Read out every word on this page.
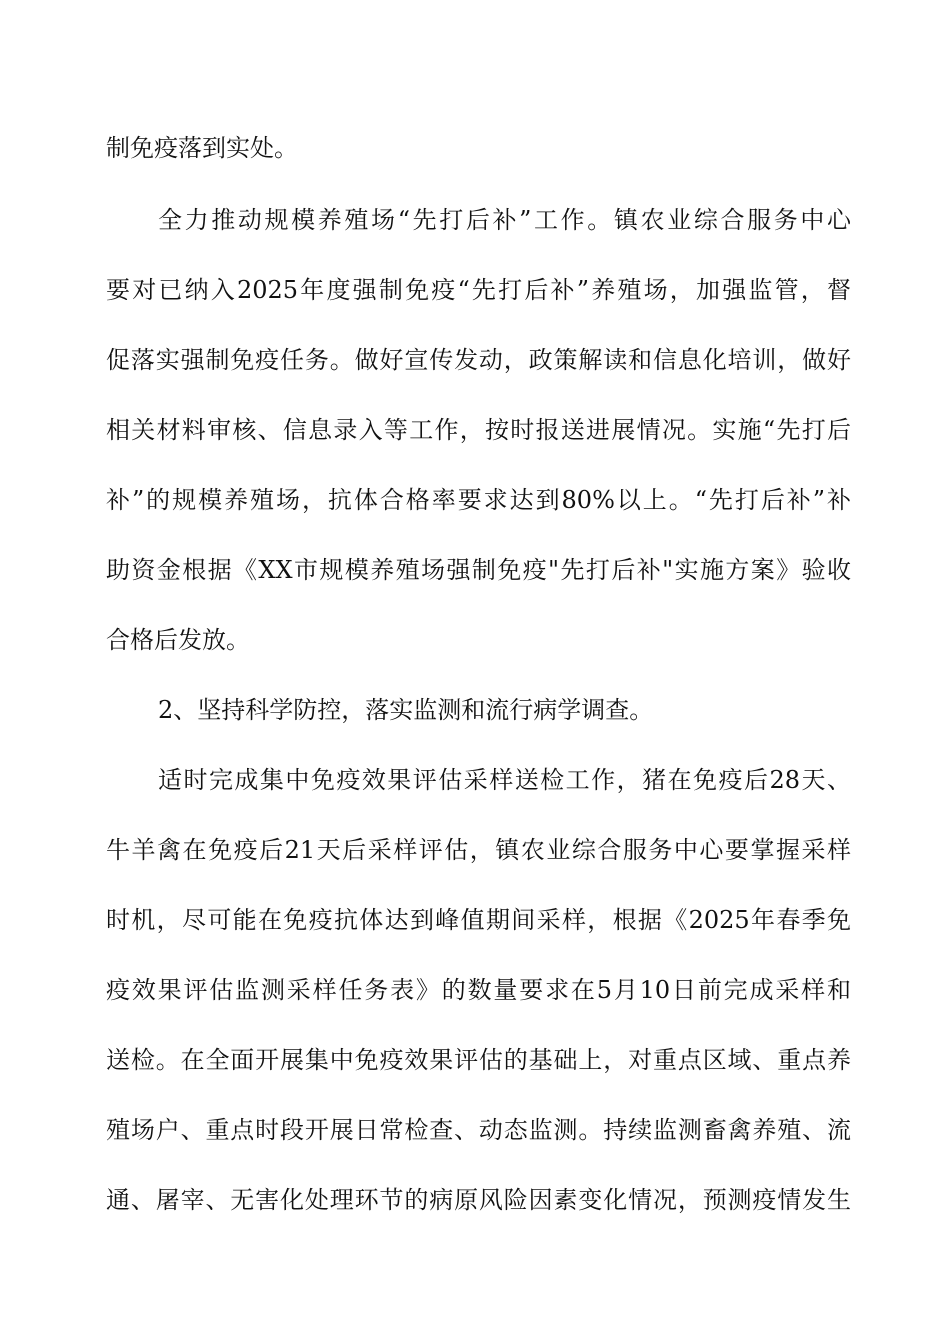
制免疫落到实处。
全力推动规模养殖场“先打后补”工作。镇农业综合服务中心
要对已纳入2025年度强制免疫“先打后补”养殖场，加强监管，督
促落实强制免疫任务。做好宣传发动，政策解读和信息化培训，做好
相关材料审核、信息录入等工作，按时报送进展情况。实施“先打后
补”的规模养殖场，抗体合格率要求达到80%以上。“先打后补”补
助资金根据《XX市规模养殖场强制免疫"先打后补"实施方案》验收
合格后发放。
2、坚持科学防控，落实监测和流行病学调查。
适时完成集中免疫效果评估采样送检工作，猪在免疫后28天、
牛羊禽在免疫后21天后采样评估，镇农业综合服务中心要掌握采样
时机，尽可能在免疫抗体达到峰值期间采样，根据《2025年春季免
疫效果评估监测采样任务表》的数量要求在5月10日前完成采样和
送检。在全面开展集中免疫效果评估的基础上，对重点区域、重点养
殖场户、重点时段开展日常检查、动态监测。持续监测畜禽养殖、流
通、屠宰、无害化处理环节的病原风险因素变化情况，预测疫情发生
